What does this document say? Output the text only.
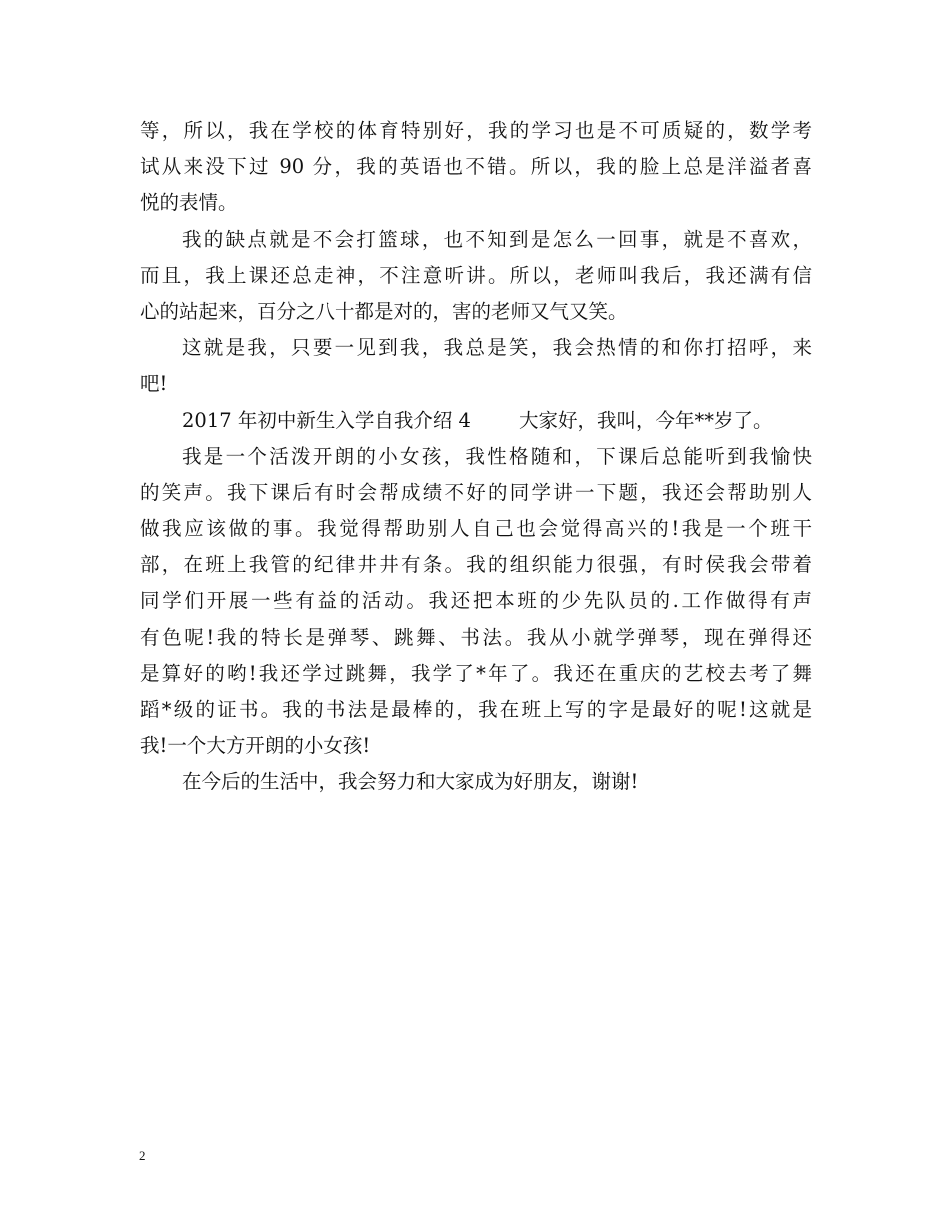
等，所以，我在学校的体育特别好，我的学习也是不可质疑的，数学考
试从来没下过 90 分，我的英语也不错。所以，我的脸上总是洋溢者喜
悦的表情。
我的缺点就是不会打篮球，也不知到是怎么一回事，就是不喜欢，
而且，我上课还总走神，不注意听讲。所以，老师叫我后，我还满有信
心的站起来，百分之八十都是对的，害的老师又气又笑。
这就是我，只要一见到我，我总是笑，我会热情的和你打招呼，来
吧!
2017 年初中新生入学自我介绍 4 大家好，我叫，今年**岁了。
我是一个活泼开朗的小女孩，我性格随和，下课后总能听到我愉快
的笑声。我下课后有时会帮成绩不好的同学讲一下题，我还会帮助别人
做我应该做的事。我觉得帮助别人自己也会觉得高兴的!我是一个班干
部，在班上我管的纪律井井有条。我的组织能力很强，有时侯我会带着
同学们开展一些有益的活动。我还把本班的少先队员的.工作做得有声
有色呢!我的特长是弹琴、跳舞、书法。我从小就学弹琴，现在弹得还
是算好的哟!我还学过跳舞，我学了*年了。我还在重庆的艺校去考了舞
蹈*级的证书。我的书法是最棒的，我在班上写的字是最好的呢!这就是
我!一个大方开朗的小女孩!
在今后的生活中，我会努力和大家成为好朋友，谢谢!
2
